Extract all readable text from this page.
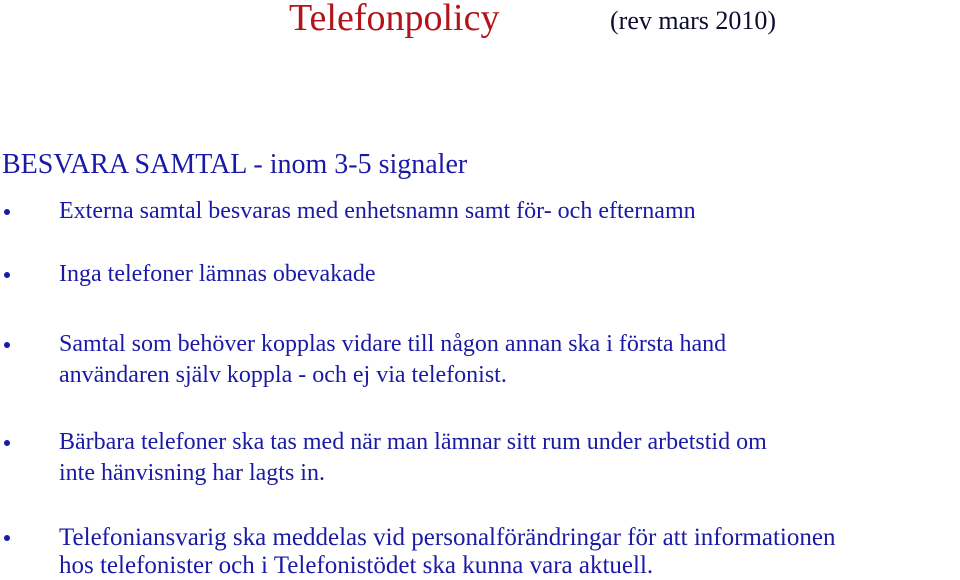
Telefonpolicy	(rev mars 2010)
BESVARA SAMTAL - inom 3-5 signaler
Externa samtal besvaras med enhetsnamn samt för- och efternamn
Inga telefoner lämnas obevakade
Samtal som behöver kopplas vidare till någon annan ska i första hand
användaren själv koppla - och ej via telefonist.
Bärbara telefoner ska tas med när man lämnar sitt rum under arbetstid om
inte hänvisning har lagts in.
Telefoniansvarig ska meddelas vid personalförändringar för att informationen
hos telefonister och i Telefonistödet ska kunna vara aktuell.
